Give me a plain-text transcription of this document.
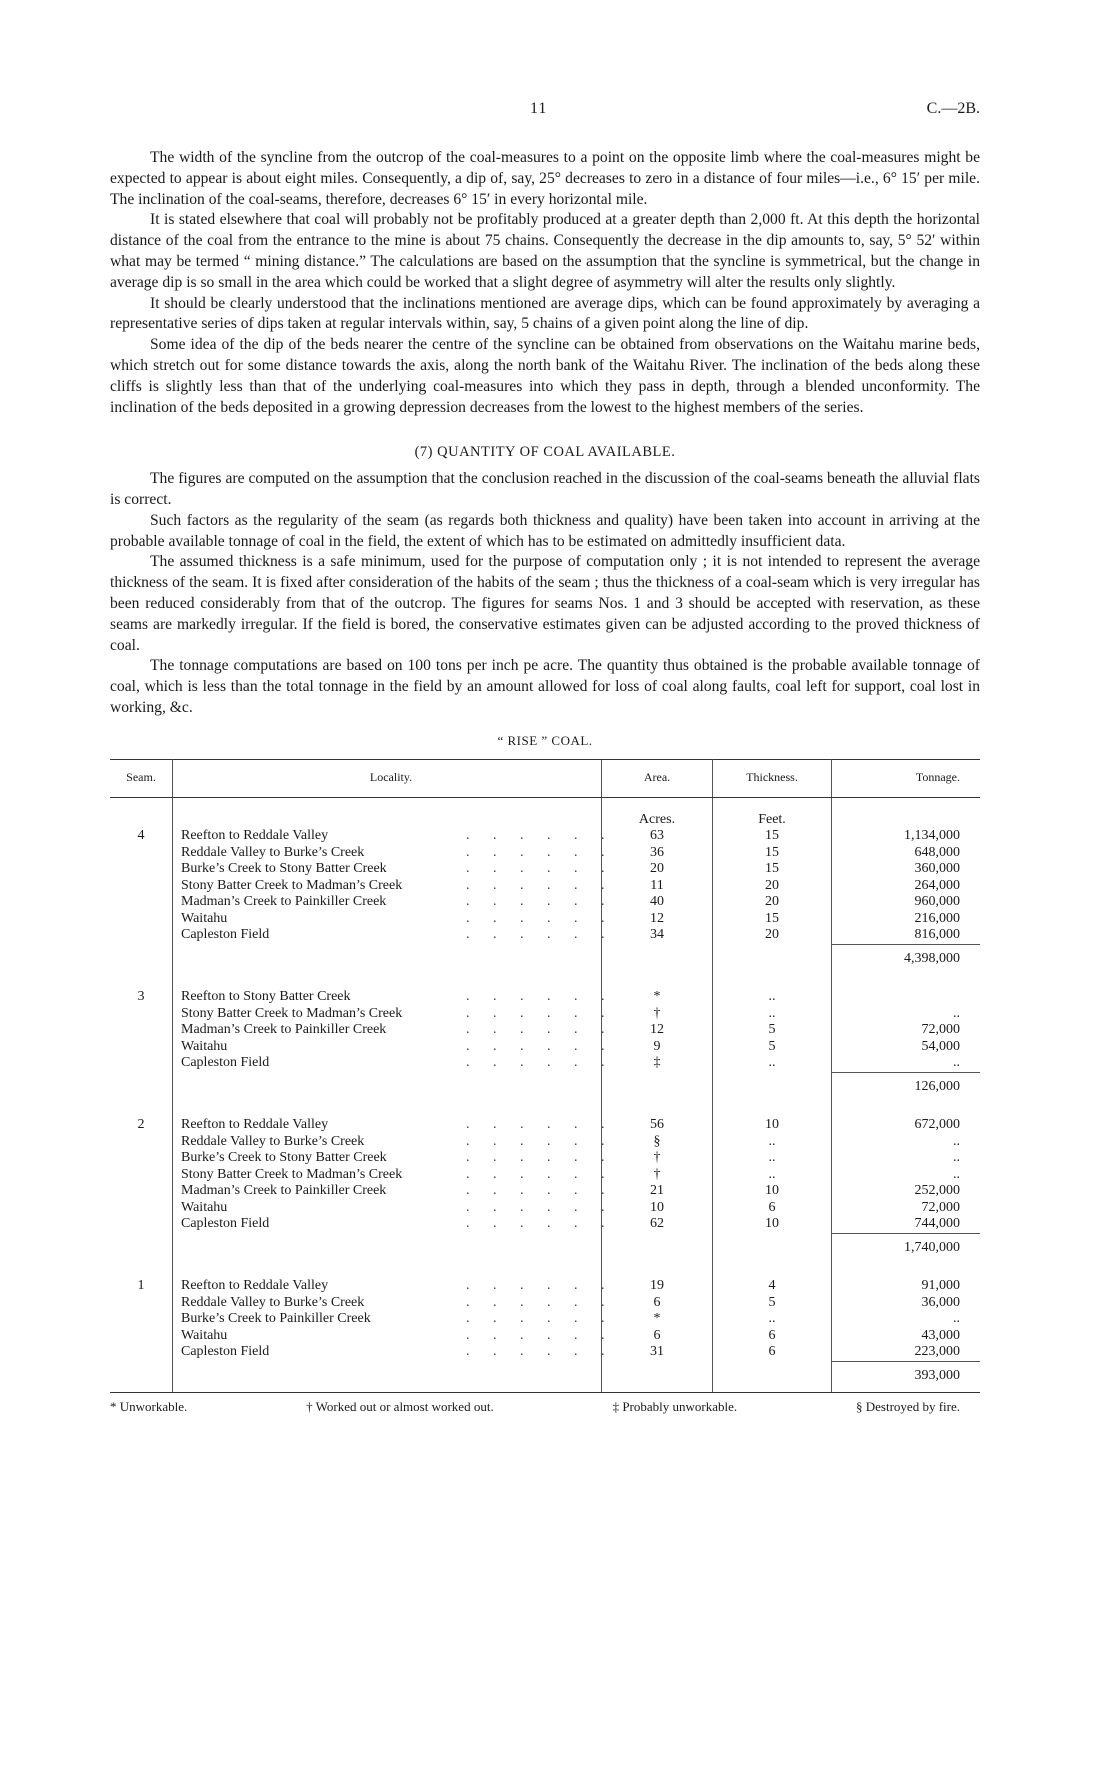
11	C.—2B.

The width of the syncline from the outcrop of the coal-measures to a point on the opposite limb where the coal-measures might be expected to appear is about eight miles. Consequently, a dip of, say, 25° decreases to zero in a distance of four miles—i.e., 6° 15′ per mile. The inclination of the coal-seams, therefore, decreases 6° 15′ in every horizontal mile.

It is stated elsewhere that coal will probably not be profitably produced at a greater depth than 2,000 ft. At this depth the horizontal distance of the coal from the entrance to the mine is about 75 chains. Consequently the decrease in the dip amounts to, say, 5° 52′ within what may be termed “ mining distance.” The calculations are based on the assumption that the syncline is symmetrical, but the change in average dip is so small in the area which could be worked that a slight degree of asymmetry will alter the results only slightly.

It should be clearly understood that the inclinations mentioned are average dips, which can be found approximately by averaging a representative series of dips taken at regular intervals within, say, 5 chains of a given point along the line of dip.

Some idea of the dip of the beds nearer the centre of the syncline can be obtained from observations on the Waitahu marine beds, which stretch out for some distance towards the axis, along the north bank of the Waitahu River. The inclination of the beds along these cliffs is slightly less than that of the underlying coal-measures into which they pass in depth, through a blended unconformity. The inclination of the beds deposited in a growing depression decreases from the lowest to the highest members of the series.

(7) QUANTITY OF COAL AVAILABLE.

The figures are computed on the assumption that the conclusion reached in the discussion of the coal-seams beneath the alluvial flats is correct.

Such factors as the regularity of the seam (as regards both thickness and quality) have been taken into account in arriving at the probable available tonnage of coal in the field, the extent of which has to be estimated on admittedly insufficient data.

The assumed thickness is a safe minimum, used for the purpose of computation only ; it is not intended to represent the average thickness of the seam. It is fixed after consideration of the habits of the seam ; thus the thickness of a coal-seam which is very irregular has been reduced considerably from that of the outcrop. The figures for seams Nos. 1 and 3 should be accepted with reservation, as these seams are markedly irregular. If the field is bored, the conservative estimates given can be adjusted according to the proved thickness of coal.

The tonnage computations are based on 100 tons per inch pe acre. The quantity thus obtained is the probable available tonnage of coal, which is less than the total tonnage in the field by an amount allowed for loss of coal along faults, coal left for support, coal lost in working, &c.

“ RISE ” COAL.
Seam.	Locality.	Area.	Thickness.	Tonnage.
		Acres.	Feet.	
4	Reefton to Reddale Valley . . . . . .	63	15	1,134,000

	Reddale Valley to Burke’s Creek . . . . . .	36	15	648,000

	Burke’s Creek to Stony Batter Creek . . . . . .	20	15	360,000

	Stony Batter Creek to Madman’s Creek . . . . . .	11	20	264,000

	Madman’s Creek to Painkiller Creek . . . . . .	40	20	960,000

	Waitahu . . . . . .	12	15	216,000

	Capleston Field . . . . . .	34	20	816,000
				4,398,000

3	Reefton to Stony Batter Creek . . . . . .	*	..	

	Stony Batter Creek to Madman’s Creek . . . . . .	†	..	..

	Madman’s Creek to Painkiller Creek . . . . . .	12	5	72,000

	Waitahu . . . . . .	9	5	54,000

	Capleston Field . . . . . .	‡	..	..
				126,000

2	Reefton to Reddale Valley . . . . . .	56	10	672,000

	Reddale Valley to Burke’s Creek . . . . . .	§	..	..

	Burke’s Creek to Stony Batter Creek . . . . . .	†	..	..

	Stony Batter Creek to Madman’s Creek . . . . . .	†	..	..

	Madman’s Creek to Painkiller Creek . . . . . .	21	10	252,000

	Waitahu . . . . . .	10	6	72,000

	Capleston Field . . . . . .	62	10	744,000
				1,740,000

1	Reefton to Reddale Valley . . . . . .	19	4	91,000

	Reddale Valley to Burke’s Creek . . . . . .	6	5	36,000

	Burke’s Creek to Painkiller Creek . . . . . .	*	..	..

	Waitahu . . . . . .	6	6	43,000

	Capleston Field . . . . . .	31	6	223,000
				393,000
* Unworkable.	† Worked out or almost worked out.	‡ Probably unworkable.	§ Destroyed by fire.
